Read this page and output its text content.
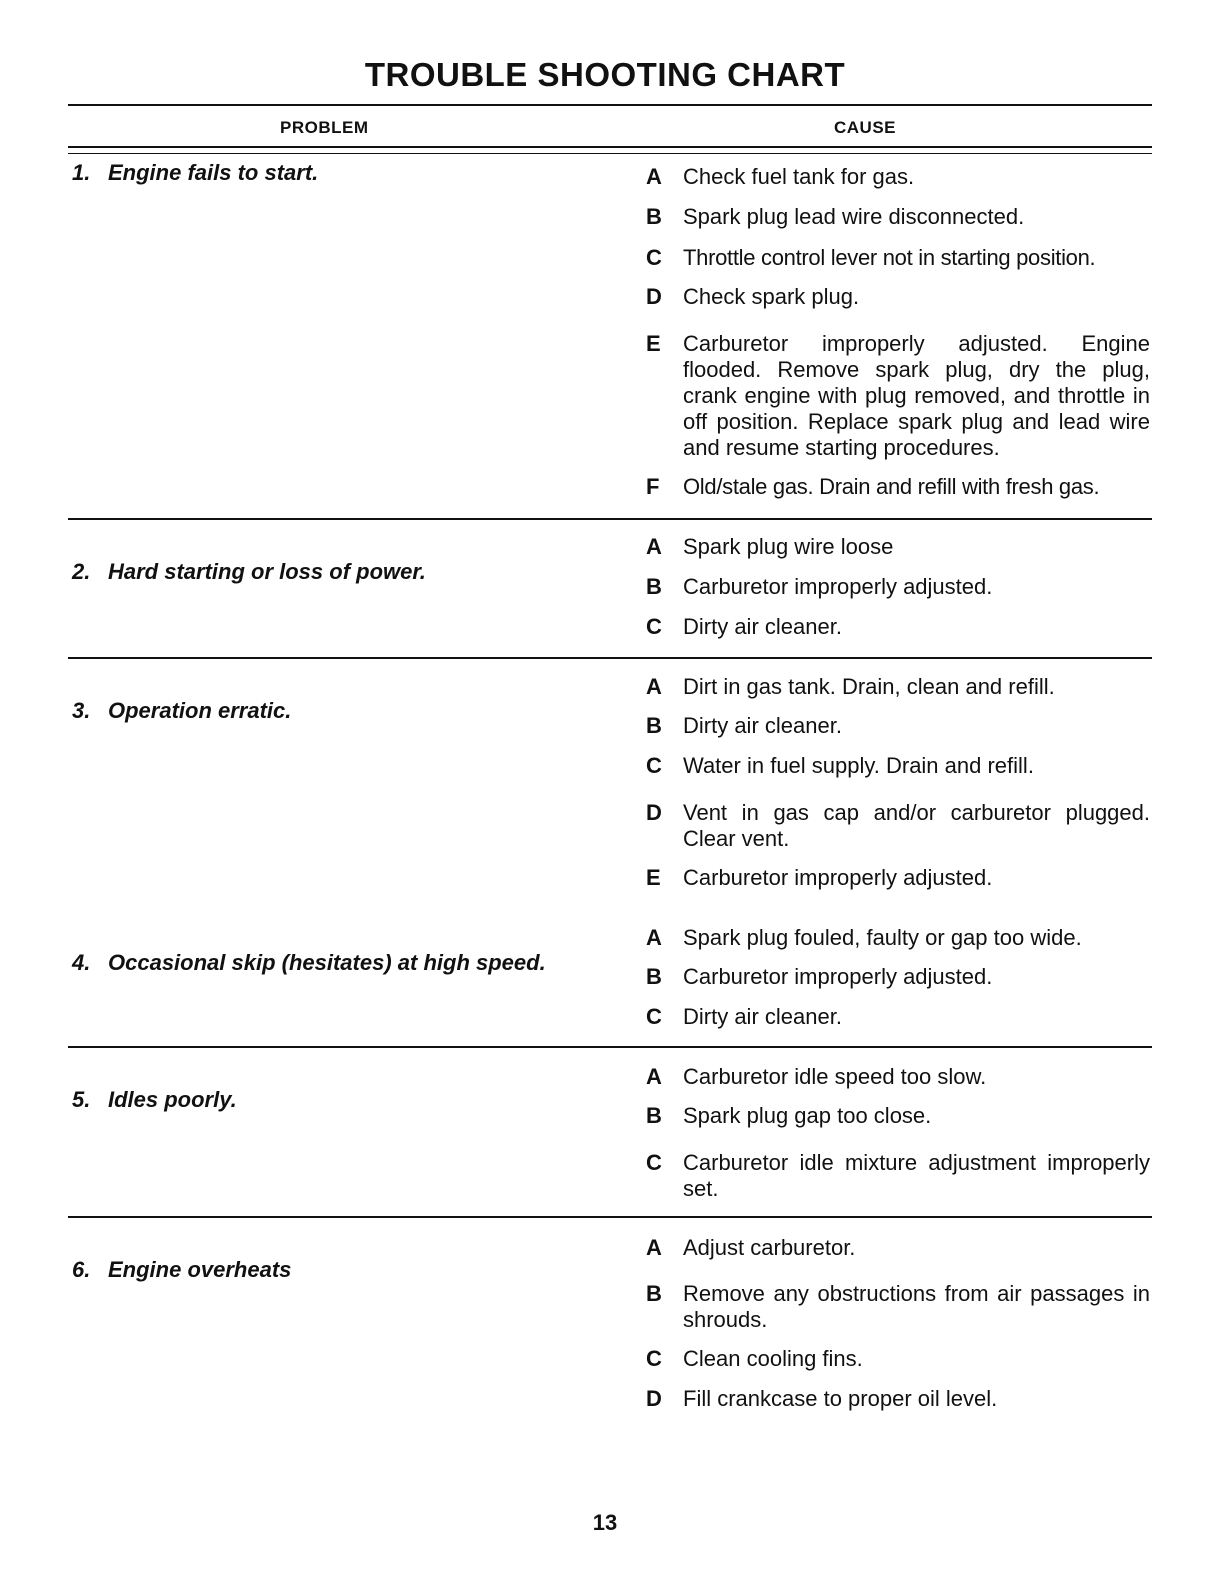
TROUBLE SHOOTING CHART
PROBLEM	CAUSE
1. Engine fails to start.	A Check fuel tank for gas.
B Spark plug lead wire disconnected.
C Throttle control lever not in starting position.
D Check spark plug.
E Carburetor improperly adjusted. Engine flooded. Remove spark plug, dry the plug, crank engine with plug removed, and throttle in off position. Replace spark plug and lead wire and resume starting procedures.
F Old/stale gas. Drain and refill with fresh gas.
2. Hard starting or loss of power.
A Spark plug wire loose
B Carburetor improperly adjusted.
C Dirty air cleaner.
3. Operation erratic.
A Dirt in gas tank. Drain, clean and refill.
B Dirty air cleaner.
C Water in fuel supply. Drain and refill.
D Vent in gas cap and/or carburetor plugged. Clear vent.
E Carburetor improperly adjusted.
4. Occasional skip (hesitates) at high speed.
A Spark plug fouled, faulty or gap too wide.
B Carburetor improperly adjusted.
C Dirty air cleaner.
5. Idles poorly.
A Carburetor idle speed too slow.
B Spark plug gap too close.
C Carburetor idle mixture adjustment improperly set.
6. Engine overheats
A Adjust carburetor.
B Remove any obstructions from air passages in shrouds.
C Clean cooling fins.
D Fill crankcase to proper oil level.
13
